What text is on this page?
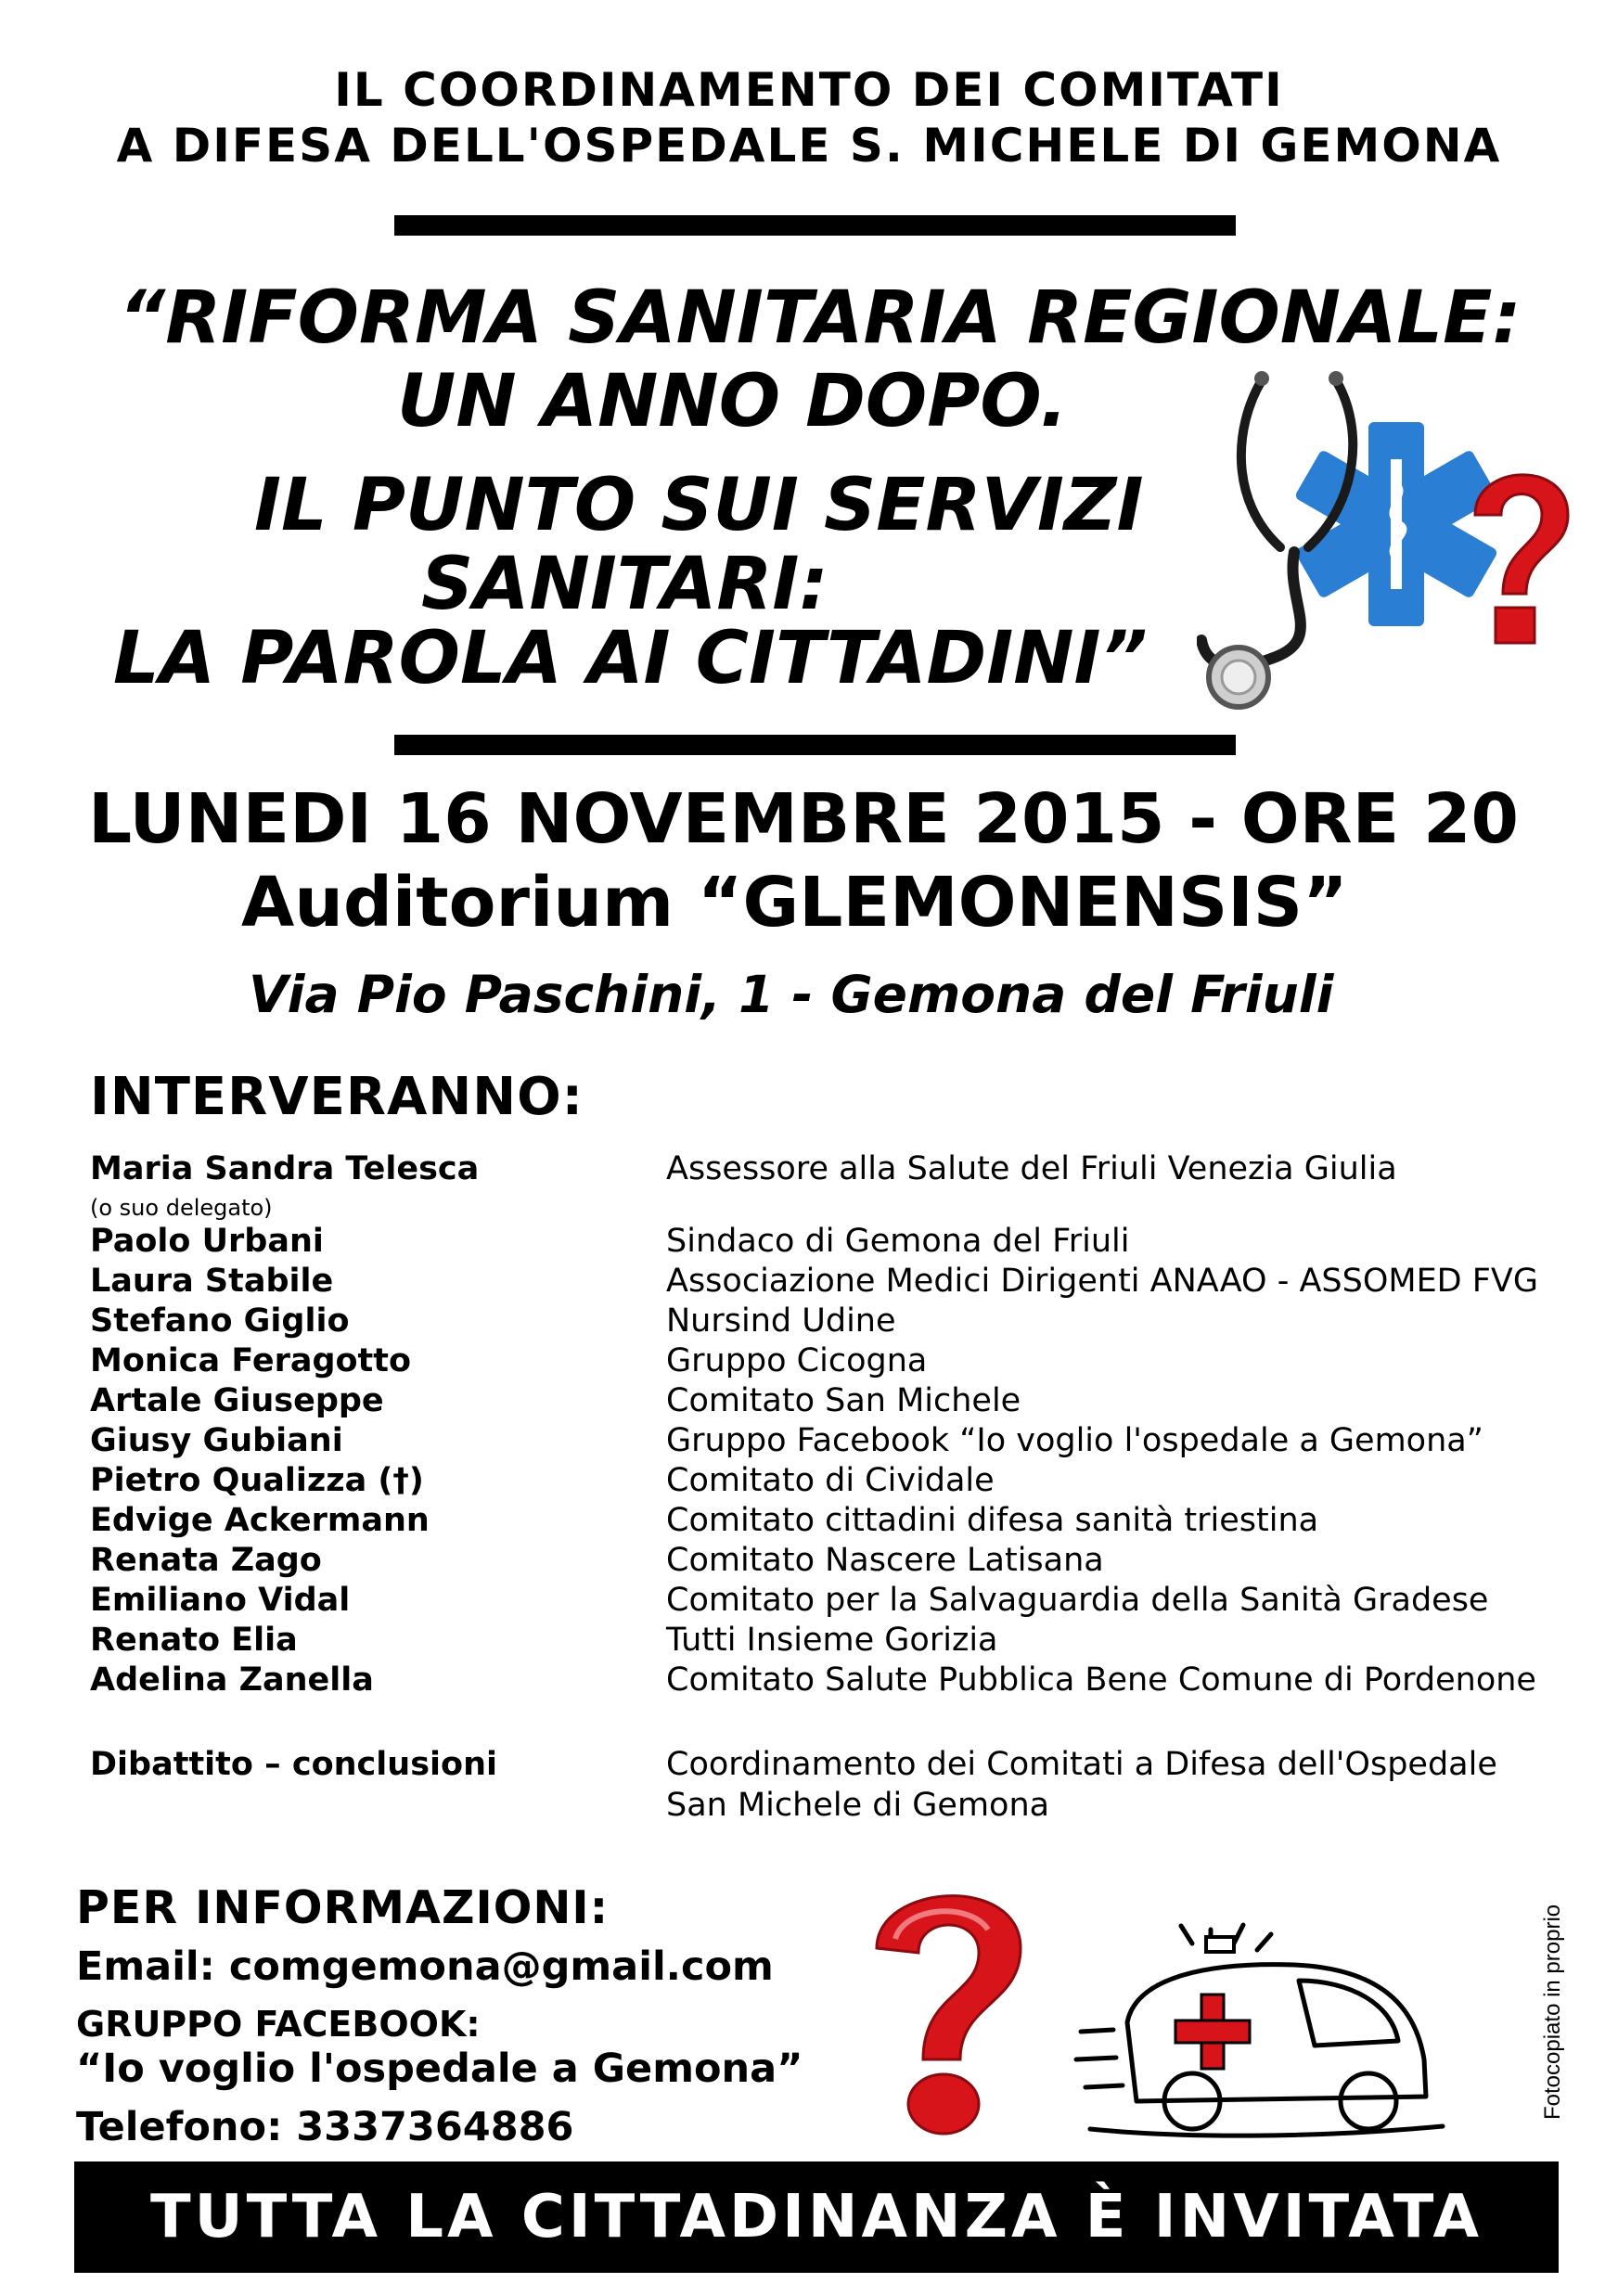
IL COORDINAMENTO DEI COMITATI
A DIFESA DELL'OSPEDALE S. MICHELE DI GEMONA
“RIFORMA SANITARIA REGIONALE:
UN ANNO DOPO.
IL PUNTO SUI SERVIZI
SANITARI:
LA PAROLA AI CITTADINI”
LUNEDI 16 NOVEMBRE 2015 - ORE 20
Auditorium “GLEMONENSIS”
Via Pio Paschini, 1 - Gemona del Friuli
INTERVERANNO:
Maria Sandra Telesca	Assessore alla Salute del Friuli Venezia Giulia
(o suo delegato)
Paolo Urbani	Sindaco di Gemona del Friuli
Laura Stabile	Associazione Medici Dirigenti ANAAO - ASSOMED FVG
Stefano Giglio	Nursind Udine
Monica Feragotto	Gruppo Cicogna
Artale Giuseppe	Comitato San Michele
Giusy Gubiani	Gruppo Facebook “Io voglio l'ospedale a Gemona”
Pietro Qualizza (†)	Comitato di Cividale
Edvige Ackermann	Comitato cittadini difesa sanità triestina
Renata Zago	Comitato Nascere Latisana
Emiliano Vidal	Comitato per la Salvaguardia della Sanità Gradese
Renato Elia	Tutti Insieme Gorizia
Adelina Zanella	Comitato Salute Pubblica Bene Comune di Pordenone
Dibattito – conclusioni	Coordinamento dei Comitati a Difesa dell'Ospedale
San Michele di Gemona
PER INFORMAZIONI:
Email: comgemona@gmail.com
GRUPPO FACEBOOK:
“Io voglio l'ospedale a Gemona”
Telefono: 3337364886
Fotocopiato in proprio
TUTTA LA CITTADINANZA È INVITATA
